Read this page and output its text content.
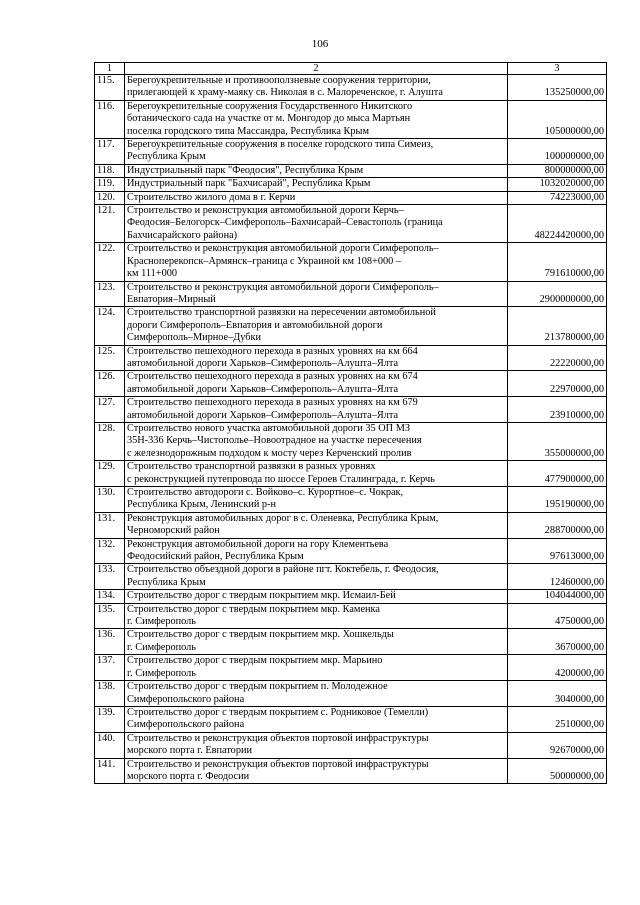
106
1	2	3
115.	Берегоукрепительные и противооползневые сооружения территории,
прилегающей к храму-маяку св. Николая в с. Малореченское, г. Алушта	135250000,00
116.	Берегоукрепительные сооружения Государственного Никитского
ботанического сада на участке от м. Монгодор до мыса Мартьян
поселка городского типа Массандра, Республика Крым	105000000,00
117.	Берегоукрепительные сооружения в поселке городского типа Симеиз,
Республика Крым	100000000,00
118.	Индустриальный парк "Феодосия", Республика Крым	800000000,00
119.	Индустриальный парк "Бахчисарай", Республика Крым	1032020000,00
120.	Строительство жилого дома в г. Керчи	74223000,00
121.	Строительство и реконструкция автомобильной дороги Керчь–
Феодосия–Белогорск–Симферополь–Бахчисарай–Севастополь (граница
Бахчисарайского района)	48224420000,00
122.	Строительство и реконструкция автомобильной дороги Симферополь–
Красноперекопск–Армянск–граница с Украиной км 108+000 –
км 111+000	791610000,00
123.	Строительство и реконструкция автомобильной дороги Симферополь–
Евпатория–Мирный	2900000000,00
124.	Строительство транспортной развязки на пересечении автомобильной
дороги Симферополь–Евпатория и автомобильной дороги
Симферополь–Мирное–Дубки	213780000,00
125.	Строительство пешеходного перехода в разных уровнях на км 664
автомобильной дороги Харьков–Симферополь–Алушта–Ялта	22220000,00
126.	Строительство пешеходного перехода в разных уровнях на км 674
автомобильной дороги Харьков–Симферополь–Алушта–Ялта	22970000,00
127.	Строительство пешеходного перехода в разных уровнях на км 679
автомобильной дороги Харьков–Симферополь–Алушта–Ялта	23910000,00
128.	Строительство нового участка автомобильной дороги 35 ОП МЗ
35Н-336 Керчь–Чистополье–Новоотрадное на участке пересечения
с железнодорожным подходом к мосту через Керченский пролив	355000000,00
129.	Строительство транспортной развязки в разных уровнях
с реконструкцией путепровода по шоссе Героев Сталинграда, г. Керчь	477900000,00
130.	Строительство автодороги с. Войково–с. Курортное–с. Чокрак,
Республика Крым, Ленинский р-н	195190000,00
131.	Реконструкция автомобильных дорог в с. Оленевка, Республика Крым,
Черноморский район	288700000,00
132.	Реконструкция автомобильной дороги на гору Клементьева
Феодосийский район, Республика Крым	97613000,00
133.	Строительство объездной дороги в районе пгт. Коктебель, г. Феодосия,
Республика Крым	12460000,00
134.	Строительство дорог с твердым покрытием мкр. Исмаил-Бей	104044000,00
135.	Строительство дорог с твердым покрытием мкр. Каменка
г. Симферополь	4750000,00
136.	Строительство дорог с твердым покрытием мкр. Хошкельды
г. Симферополь	3670000,00
137.	Строительство дорог с твердым покрытием мкр. Марьино
г. Симферополь	4200000,00
138.	Строительство дорог с твердым покрытием п. Молодежное
Симферопольского района	3040000,00
139.	Строительство дорог с твердым покрытием с. Родниковое (Темелли)
Симферопольского района	2510000,00
140.	Строительство и реконструкция объектов портовой инфраструктуры
морского порта г. Евпатории	92670000,00
141.	Строительство и реконструкция объектов портовой инфраструктуры
морского порта г. Феодосии	50000000,00
